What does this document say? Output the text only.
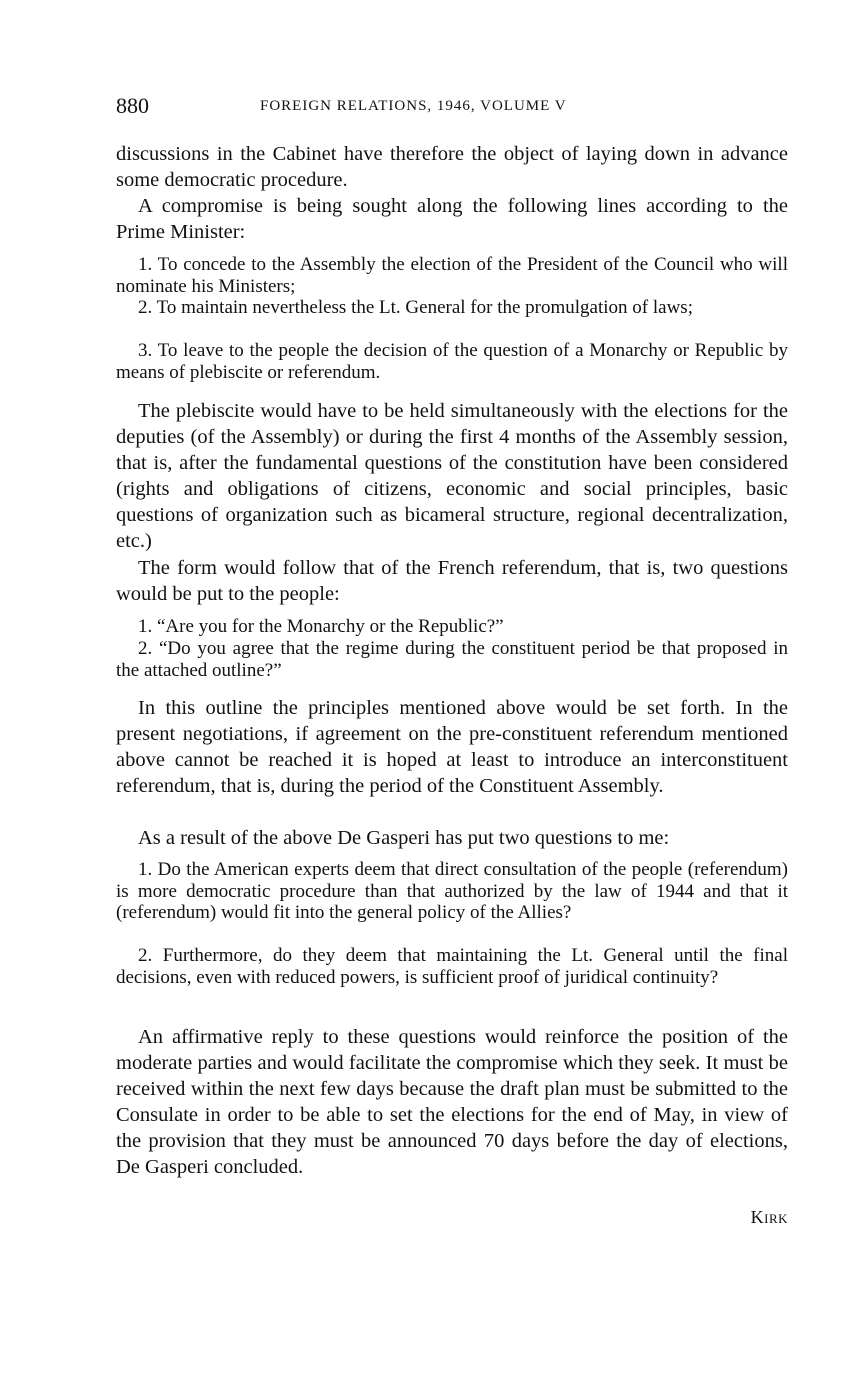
880	FOREIGN RELATIONS, 1946, VOLUME V

discussions in the Cabinet have therefore the object of laying down in advance some democratic procedure.

A compromise is being sought along the following lines according to the Prime Minister:

1. To concede to the Assembly the election of the President of the Council who will nominate his Ministers;

2. To maintain nevertheless the Lt. General for the promulgation of laws;

3. To leave to the people the decision of the question of a Monarchy or Republic by means of plebiscite or referendum.

The plebiscite would have to be held simultaneously with the elections for the deputies (of the Assembly) or during the first 4 months of the Assembly session, that is, after the fundamental questions of the constitution have been considered (rights and obligations of citizens, economic and social principles, basic questions of organization such as bicameral structure, regional decentralization, etc.)

The form would follow that of the French referendum, that is, two questions would be put to the people:

1. “Are you for the Monarchy or the Republic?”

2. “Do you agree that the regime during the constituent period be that proposed in the attached outline?”

In this outline the principles mentioned above would be set forth. In the present negotiations, if agreement on the pre-constituent referendum mentioned above cannot be reached it is hoped at least to introduce an interconstituent referendum, that is, during the period of the Constituent Assembly.

As a result of the above De Gasperi has put two questions to me:

1. Do the American experts deem that direct consultation of the people (referendum) is more democratic procedure than that authorized by the law of 1944 and that it (referendum) would fit into the general policy of the Allies?

2. Furthermore, do they deem that maintaining the Lt. General until the final decisions, even with reduced powers, is sufficient proof of juridical continuity?

An affirmative reply to these questions would reinforce the position of the moderate parties and would facilitate the compromise which they seek. It must be received within the next few days because the draft plan must be submitted to the Consulate in order to be able to set the elections for the end of May, in view of the provision that they must be announced 70 days before the day of elections, De Gasperi concluded.

Kirk
